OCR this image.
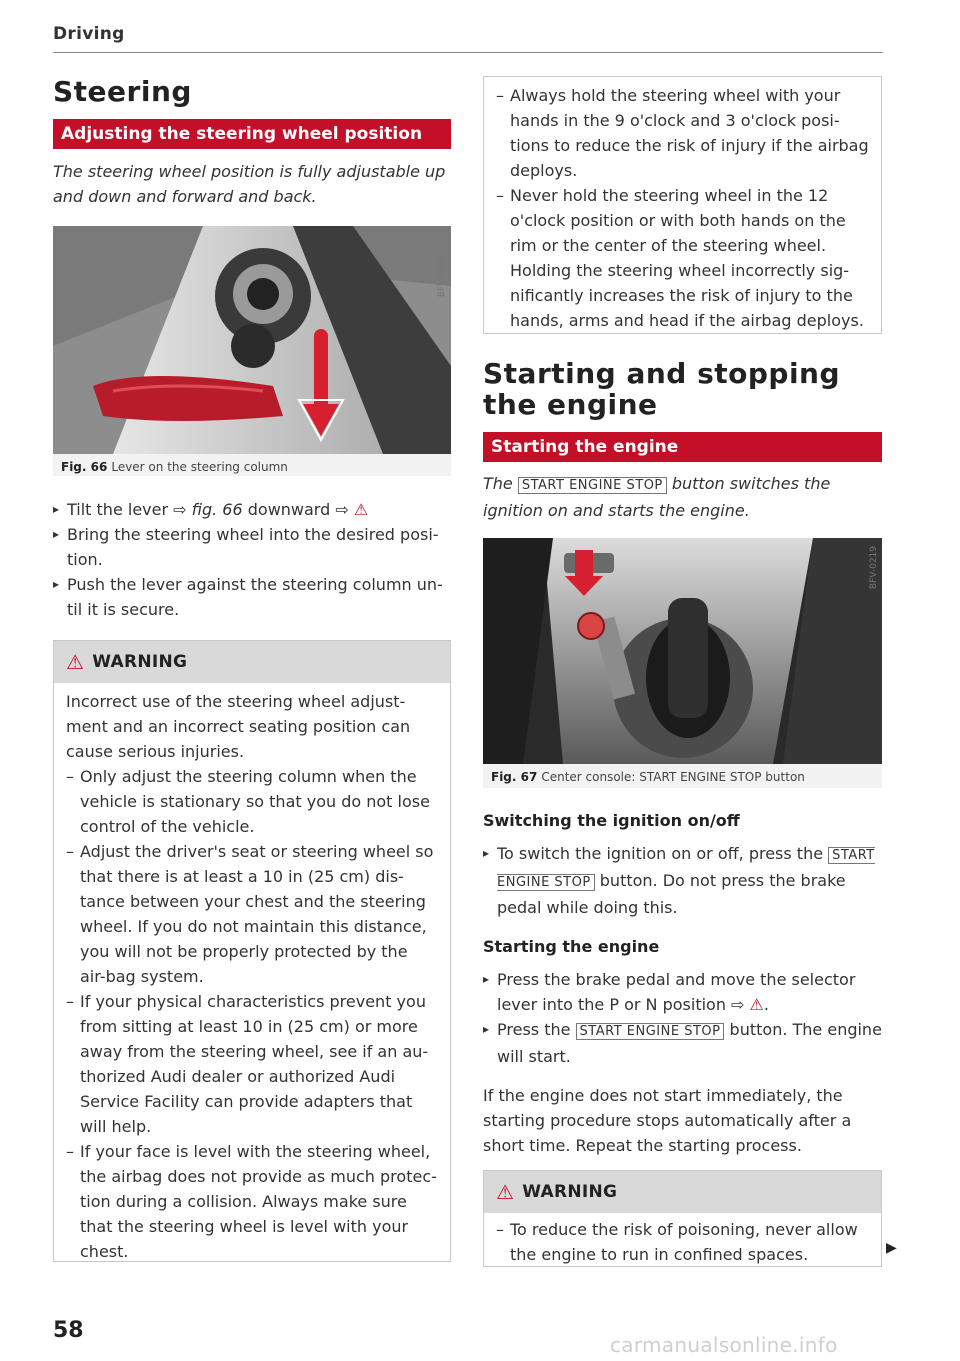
Driving
Steering
Adjusting the steering wheel position
The steering wheel position is fully adjustable up and down and forward and back.
BFV-0031
Fig. 66 Lever on the steering column
▸ Tilt the lever ⇨ fig. 66 downward ⇨ ⚠
▸ Bring the steering wheel into the desired posi-tion.
▸ Push the lever against the steering column un-til it is secure.
⚠ WARNING
Incorrect use of the steering wheel adjust-ment and an incorrect seating position can cause serious injuries.
– Only adjust the steering column when the vehicle is stationary so that you do not lose control of the vehicle.
– Adjust the driver's seat or steering wheel so that there is at least a 10 in (25 cm) dis-tance between your chest and the steering wheel. If you do not maintain this distance, you will not be properly protected by the air-bag system.
– If your physical characteristics prevent you from sitting at least 10 in (25 cm) or more away from the steering wheel, see if an au-thorized Audi dealer or authorized Audi Service Facility can provide adapters that will help.
– If your face is level with the steering wheel, the airbag does not provide as much protec-tion during a collision. Always make sure that the steering wheel is level with your chest.
– Always hold the steering wheel with your hands in the 9 o'clock and 3 o'clock posi-tions to reduce the risk of injury if the airbag deploys.
– Never hold the steering wheel in the 12 o'clock position or with both hands on the rim or the center of the steering wheel. Holding the steering wheel incorrectly sig-nificantly increases the risk of injury to the hands, arms and head if the airbag deploys.
Starting and stopping
the engine
Starting the engine
The START ENGINE STOP button switches the ignition on and starts the engine.
BFV-0219
Fig. 67 Center console: START ENGINE STOP button
Switching the ignition on/off
▸ To switch the ignition on or off, press the START ENGINE STOP button. Do not press the brake pedal while doing this.
Starting the engine
▸ Press the brake pedal and move the selector lever into the P or N position ⇨ ⚠.
▸ Press the START ENGINE STOP button. The engine will start.
If the engine does not start immediately, the starting procedure stops automatically after a short time. Repeat the starting process.
⚠ WARNING
– To reduce the risk of poisoning, never allow the engine to run in confined spaces.	▶
58
carmanualsonline.info
